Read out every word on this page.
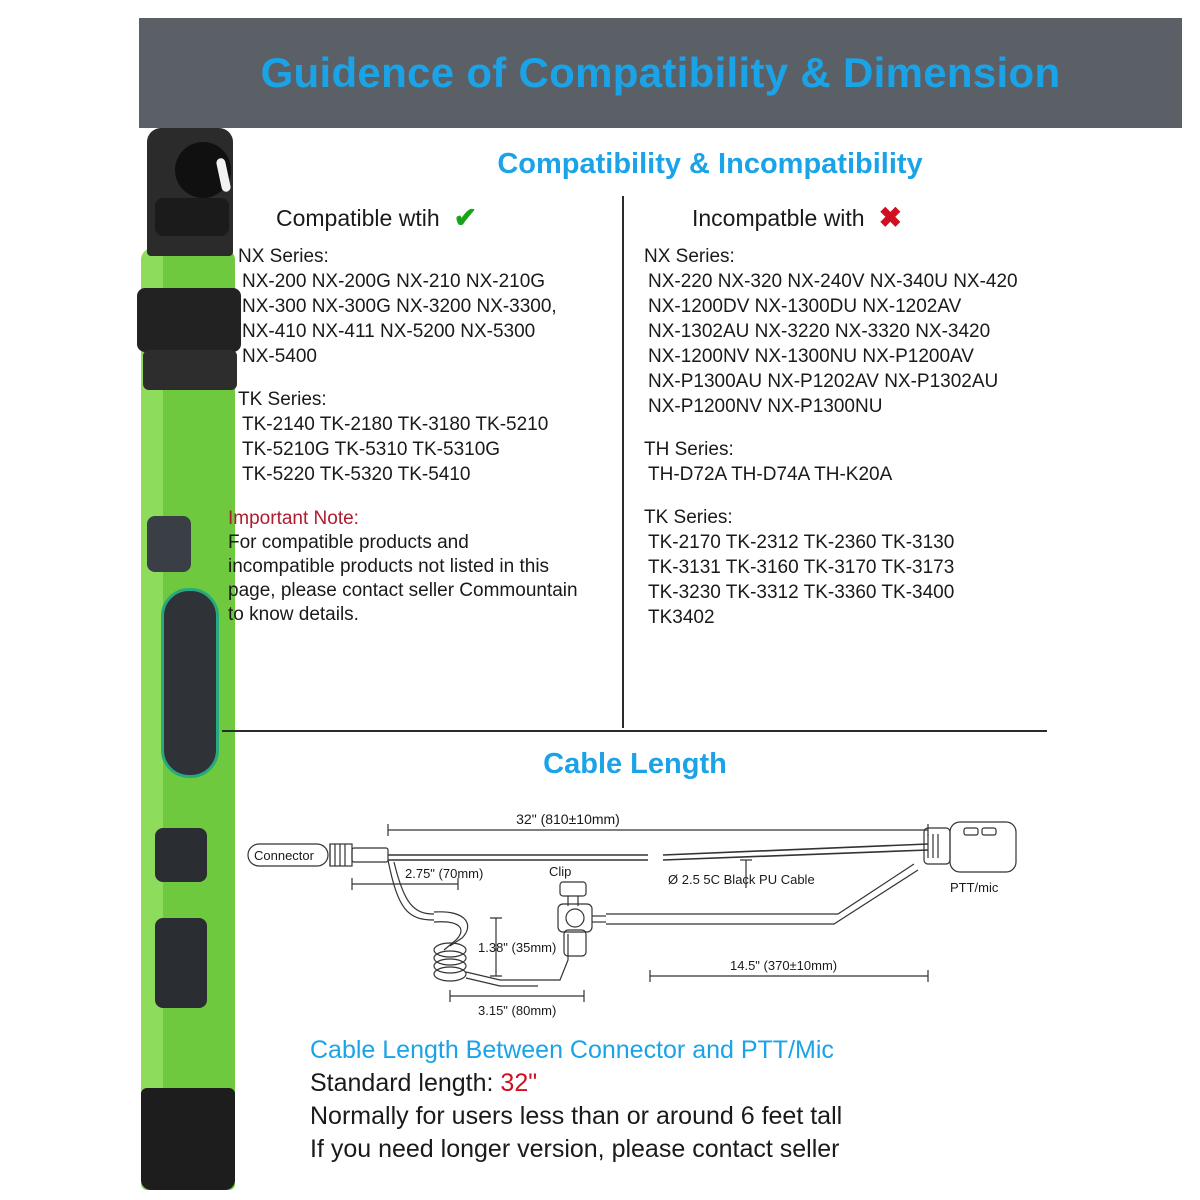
Guidence of Compatibility & Dimension
Compatibility & Incompatibility
Compatible wtih ✔
NX Series:
NX-200 NX-200G NX-210 NX-210G
NX-300 NX-300G NX-3200 NX-3300,
NX-410 NX-411 NX-5200 NX-5300
NX-5400
TK Series:
TK-2140 TK-2180 TK-3180 TK-5210
TK-5210G TK-5310 TK-5310G
TK-5220 TK-5320 TK-5410
Important Note:
For compatible products and
incompatible products not listed in this
page, please contact seller Commountain
to know details.
Incompatble with ✖
NX Series:
NX-220 NX-320 NX-240V NX-340U NX-420
NX-1200DV NX-1300DU NX-1202AV
NX-1302AU NX-3220 NX-3320 NX-3420
NX-1200NV NX-1300NU NX-P1200AV
NX-P1300AU NX-P1202AV NX-P1302AU
NX-P1200NV NX-P1300NU
TH Series:
TH-D72A TH-D74A TH-K20A
TK Series:
TK-2170 TK-2312 TK-2360 TK-3130
TK-3131 TK-3160 TK-3170 TK-3173
TK-3230 TK-3312 TK-3360 TK-3400
TK3402
Cable Length
Connector
32" (810±10mm)
2.75" (70mm)	Clip
Ø 2.5 5C Black PU Cable
PTT/mic
1.38" (35mm)
3.15" (80mm)
14.5" (370±10mm)
Cable Length Between Connector and PTT/Mic
Standard length: 32"
Normally for users less than or around 6 feet tall
If you need longer version, please contact seller
